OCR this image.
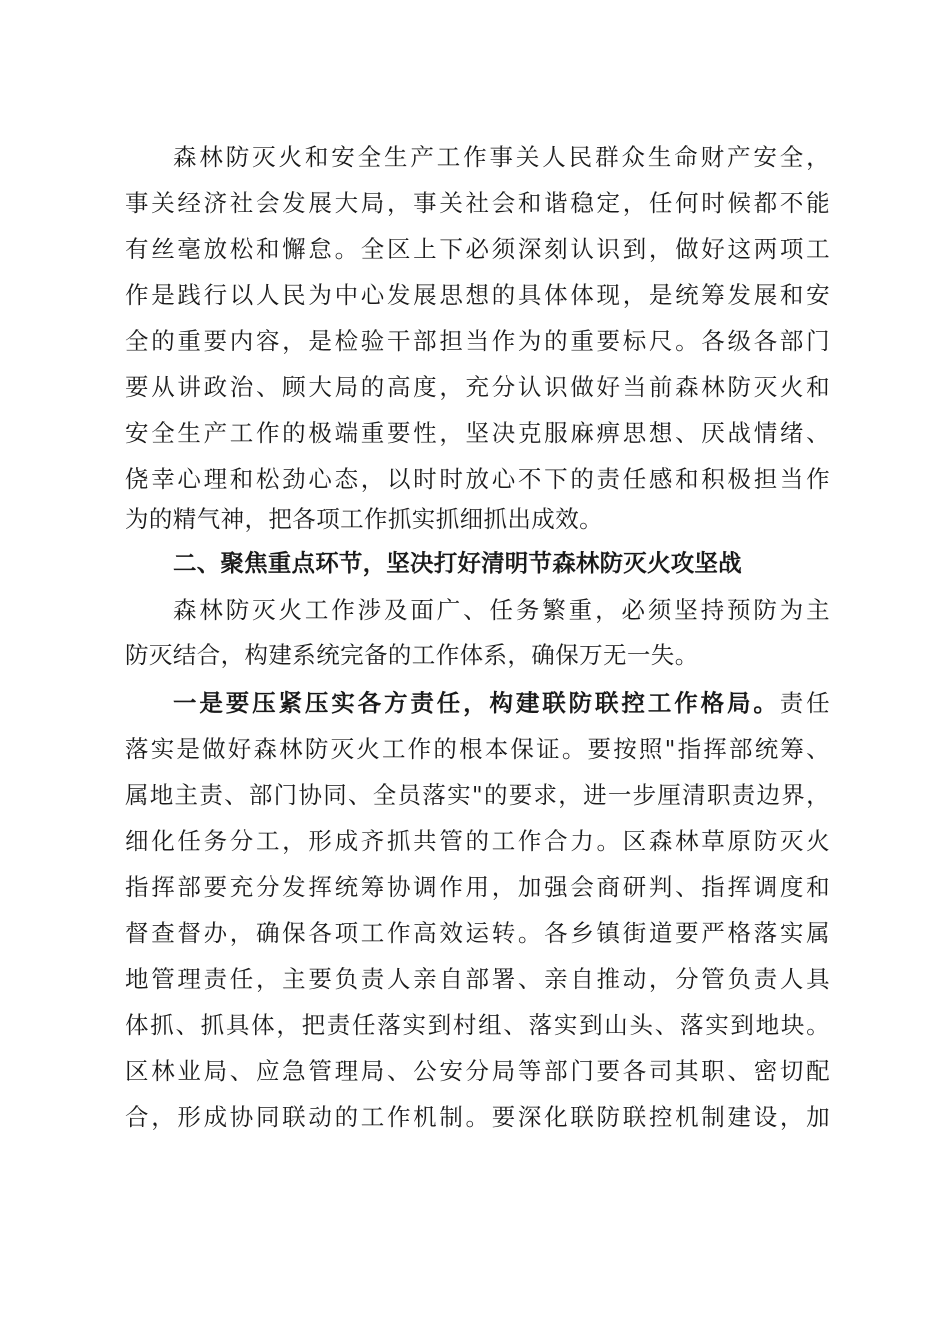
森林防灭火和安全生产工作事关人民群众生命财产安全，
事关经济社会发展大局，事关社会和谐稳定，任何时候都不能
有丝毫放松和懈怠。全区上下必须深刻认识到，做好这两项工
作是践行以人民为中心发展思想的具体体现，是统筹发展和安
全的重要内容，是检验干部担当作为的重要标尺。各级各部门
要从讲政治、顾大局的高度，充分认识做好当前森林防灭火和
安全生产工作的极端重要性，坚决克服麻痹思想、厌战情绪、
侥幸心理和松劲心态，以时时放心不下的责任感和积极担当作
为的精气神，把各项工作抓实抓细抓出成效。
二、聚焦重点环节，坚决打好清明节森林防灭火攻坚战
森林防灭火工作涉及面广、任务繁重，必须坚持预防为主
防灭结合，构建系统完备的工作体系，确保万无一失。
一是要压紧压实各方责任，构建联防联控工作格局。责任
落实是做好森林防灭火工作的根本保证。要按照"指挥部统筹、
属地主责、部门协同、全员落实"的要求，进一步厘清职责边界，
细化任务分工，形成齐抓共管的工作合力。区森林草原防灭火
指挥部要充分发挥统筹协调作用，加强会商研判、指挥调度和
督查督办，确保各项工作高效运转。各乡镇街道要严格落实属
地管理责任，主要负责人亲自部署、亲自推动，分管负责人具
体抓、抓具体，把责任落实到村组、落实到山头、落实到地块。
区林业局、应急管理局、公安分局等部门要各司其职、密切配
合，形成协同联动的工作机制。要深化联防联控机制建设，加
